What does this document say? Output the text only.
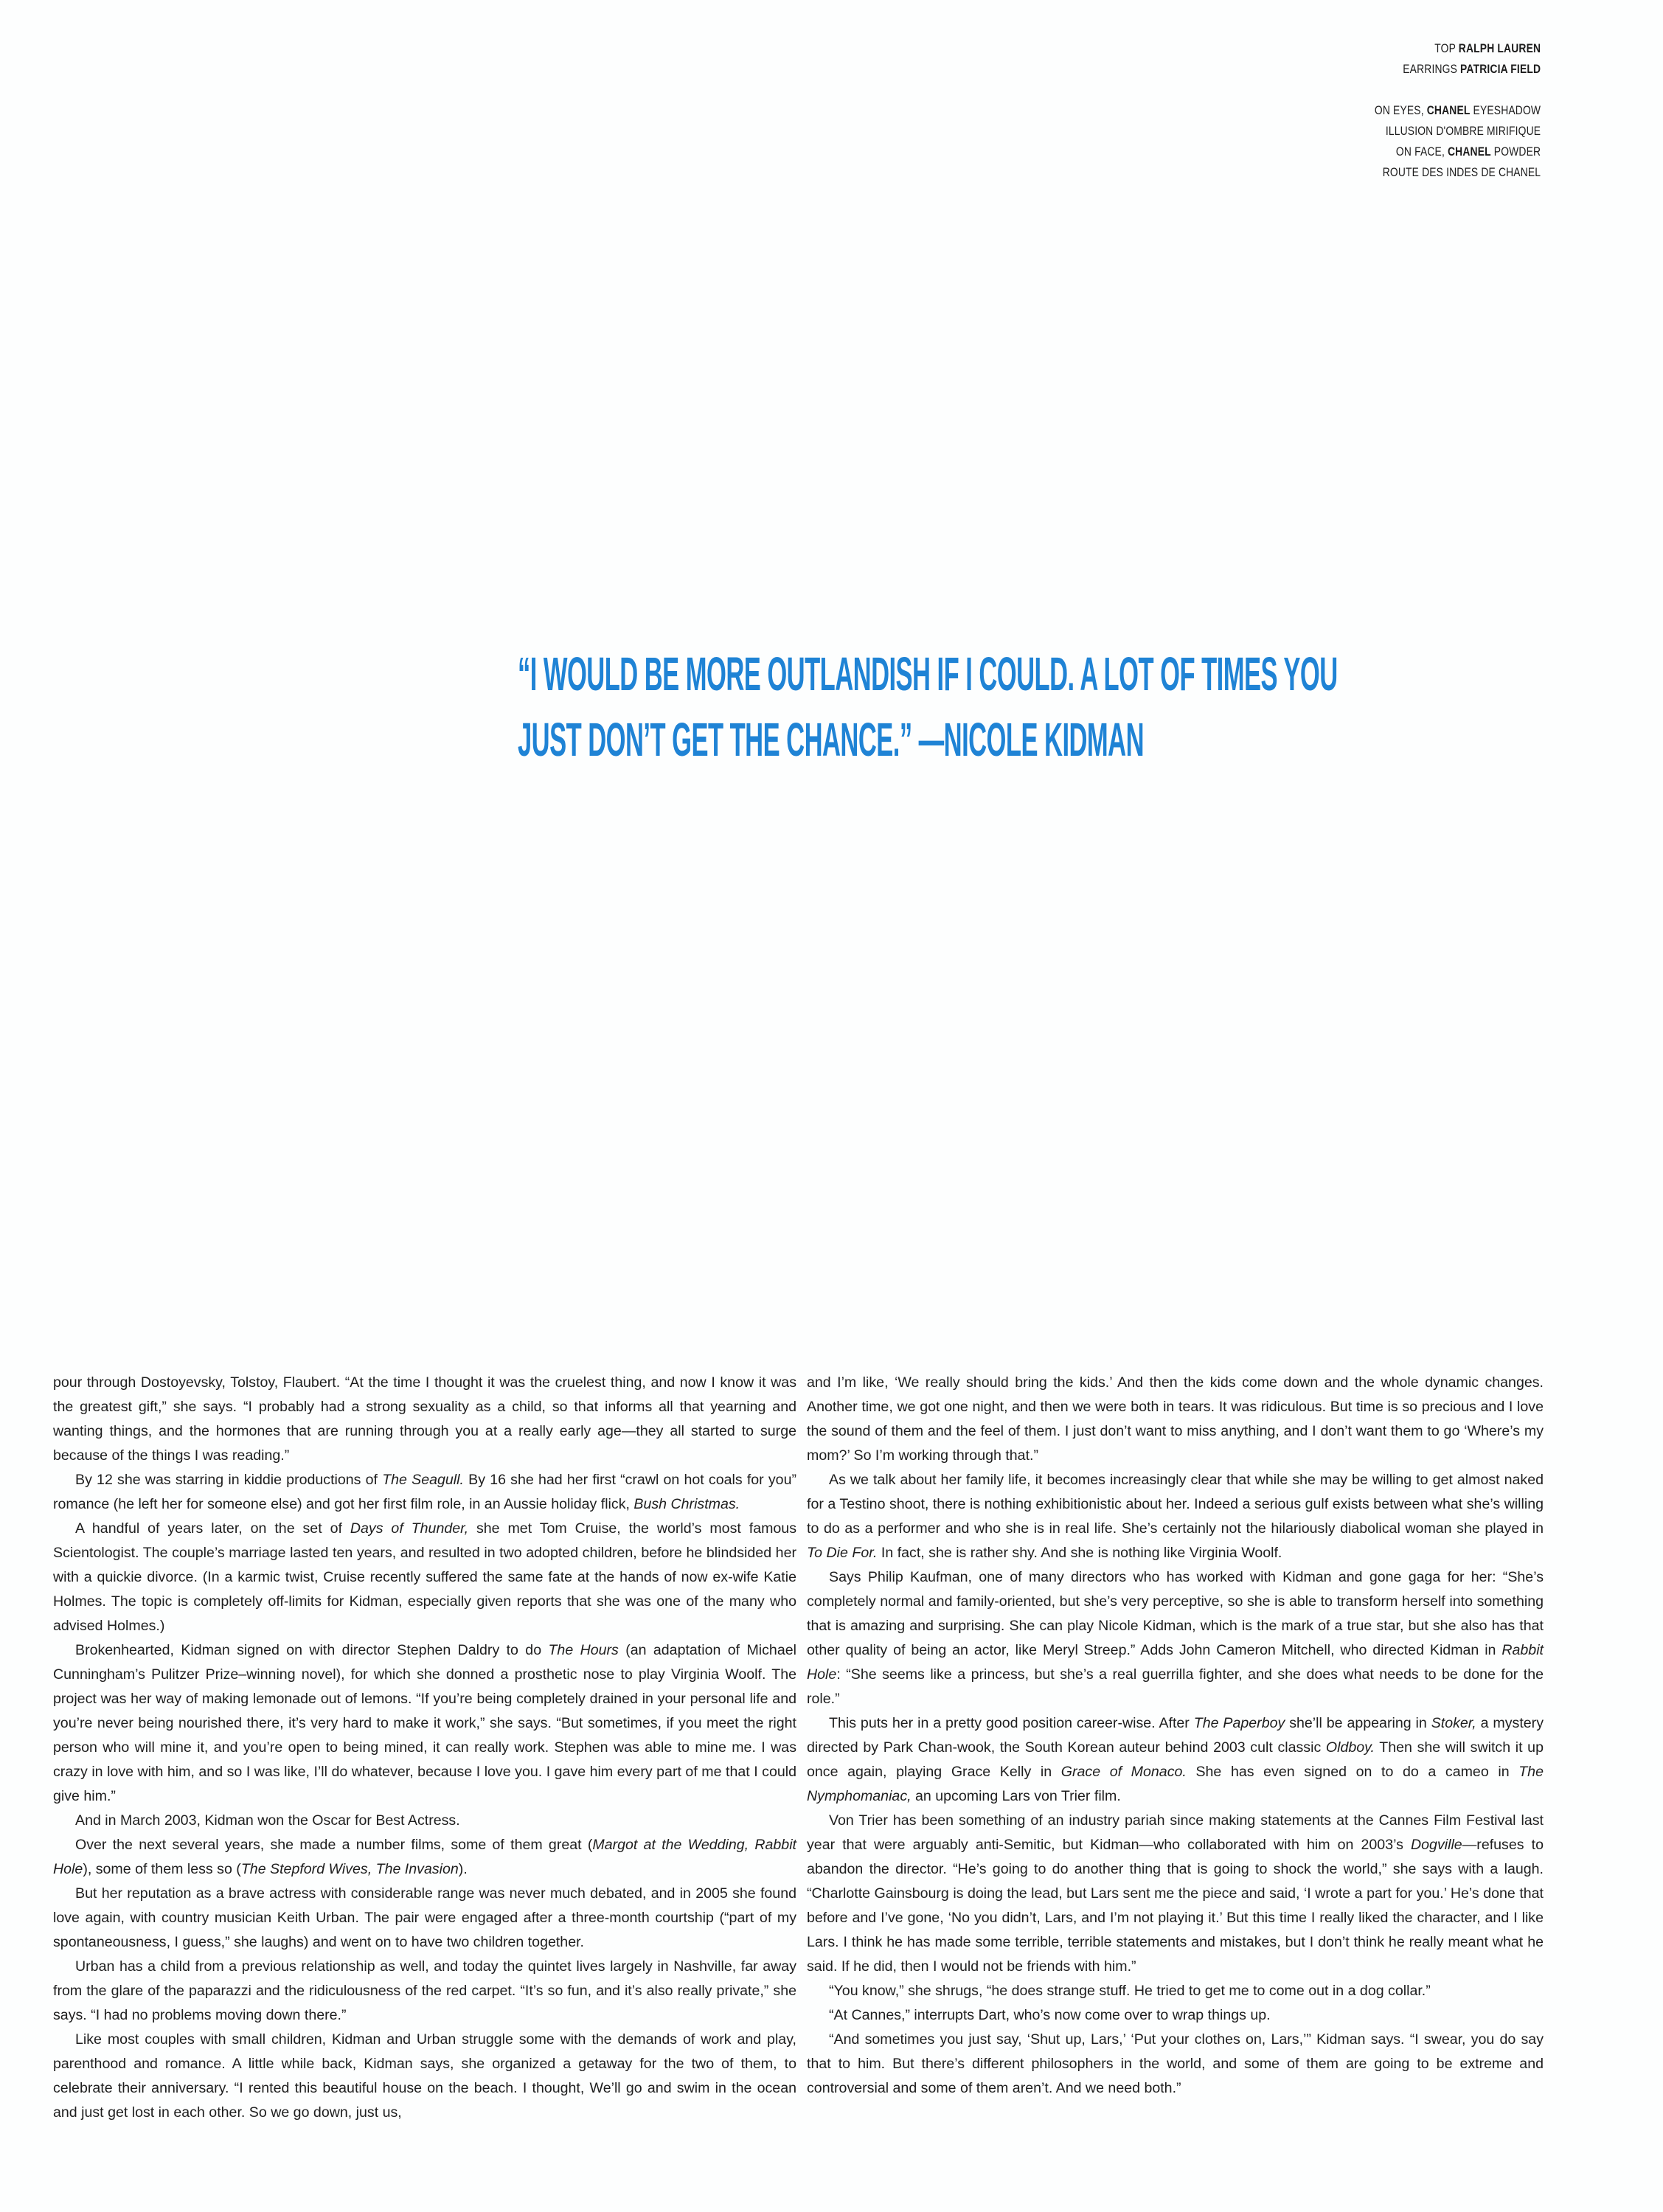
TOP RALPH LAUREN
EARRINGS PATRICIA FIELD
ON EYES, CHANEL EYESHADOW
ILLUSION D'OMBRE MIRIFIQUE
ON FACE, CHANEL POWDER
ROUTE DES INDES DE CHANEL
“I WOULD BE MORE OUTLANDISH IF I COULD. A LOT OF TIMES YOU
JUST DON’T GET THE CHANCE.” —NICOLE KIDMAN

pour through Dostoyevsky, Tolstoy, Flaubert. “At the time I thought it was the cruelest thing, and now I know it was the greatest gift,” she says. “I probably had a strong sexuality as a child, so that informs all that yearning and wanting things, and the hormones that are running through you at a really early age—they all started to surge because of the things I was reading.”

By 12 she was starring in kiddie productions of The Seagull. By 16 she had her first “crawl on hot coals for you” romance (he left her for someone else) and got her first film role, in an Aussie holiday flick, Bush Christmas.

A handful of years later, on the set of Days of Thunder, she met Tom Cruise, the world’s most famous Scientologist. The couple’s marriage lasted ten years, and resulted in two adopted children, before he blindsided her with a quickie divorce. (In a karmic twist, Cruise recently suffered the same fate at the hands of now ex-wife Katie Holmes. The topic is completely off-limits for Kidman, especially given reports that she was one of the many who advised Holmes.)

Brokenhearted, Kidman signed on with director Stephen Daldry to do The Hours (an adaptation of Michael Cunningham’s Pulitzer Prize–winning novel), for which she donned a prosthetic nose to play Virginia Woolf. The project was her way of making lemonade out of lemons. “If you’re being completely drained in your personal life and you’re never being nourished there, it’s very hard to make it work,” she says. “But sometimes, if you meet the right person who will mine it, and you’re open to being mined, it can really work. Stephen was able to mine me. I was crazy in love with him, and so I was like, I’ll do whatever, because I love you. I gave him every part of me that I could give him.”

And in March 2003, Kidman won the Oscar for Best Actress.

Over the next several years, she made a number films, some of them great (Margot at the Wedding, Rabbit Hole), some of them less so (The Stepford Wives, The Invasion).

But her reputation as a brave actress with considerable range was never much debated, and in 2005 she found love again, with country musician Keith Urban. The pair were engaged after a three-month courtship (“part of my spontaneousness, I guess,” she laughs) and went on to have two children together.

Urban has a child from a previous relationship as well, and today the quintet lives largely in Nashville, far away from the glare of the paparazzi and the ridiculousness of the red carpet. “It’s so fun, and it’s also really private,” she says. “I had no problems moving down there.”

Like most couples with small children, Kidman and Urban struggle some with the demands of work and play, parenthood and romance. A little while back, Kidman says, she organized a getaway for the two of them, to celebrate their anniversary. “I rented this beautiful house on the beach. I thought, We’ll go and swim in the ocean and just get lost in each other. So we go down, just us,

and I’m like, ‘We really should bring the kids.’ And then the kids come down and the whole dynamic changes. Another time, we got one night, and then we were both in tears. It was ridiculous. But time is so precious and I love the sound of them and the feel of them. I just don’t want to miss anything, and I don’t want them to go ‘Where’s my mom?’ So I’m working through that.”

As we talk about her family life, it becomes increasingly clear that while she may be willing to get almost naked for a Testino shoot, there is nothing exhibitionistic about her. Indeed a serious gulf exists between what she’s willing to do as a performer and who she is in real life. She’s certainly not the hilariously diabolical woman she played in To Die For. In fact, she is rather shy. And she is nothing like Virginia Woolf.

Says Philip Kaufman, one of many directors who has worked with Kidman and gone gaga for her: “She’s completely normal and family-oriented, but she’s very perceptive, so she is able to transform herself into something that is amazing and surprising. She can play Nicole Kidman, which is the mark of a true star, but she also has that other quality of being an actor, like Meryl Streep.” Adds John Cameron Mitchell, who directed Kidman in Rabbit Hole: “She seems like a princess, but she’s a real guerrilla fighter, and she does what needs to be done for the role.”

This puts her in a pretty good position career-wise. After The Paperboy she’ll be appearing in Stoker, a mystery directed by Park Chan-wook, the South Korean auteur behind 2003 cult classic Oldboy. Then she will switch it up once again, playing Grace Kelly in Grace of Monaco. She has even signed on to do a cameo in The Nymphomaniac, an upcoming Lars von Trier film.

Von Trier has been something of an industry pariah since making statements at the Cannes Film Festival last year that were arguably anti-Semitic, but Kidman—who collaborated with him on 2003’s Dogville—refuses to abandon the director. “He’s going to do another thing that is going to shock the world,” she says with a laugh. “Charlotte Gainsbourg is doing the lead, but Lars sent me the piece and said, ‘I wrote a part for you.’ He’s done that before and I’ve gone, ‘No you didn’t, Lars, and I’m not playing it.’ But this time I really liked the character, and I like Lars. I think he has made some terrible, terrible statements and mistakes, but I don’t think he really meant what he said. If he did, then I would not be friends with him.”

“You know,” she shrugs, “he does strange stuff. He tried to get me to come out in a dog collar.”

“At Cannes,” interrupts Dart, who’s now come over to wrap things up.

“And sometimes you just say, ‘Shut up, Lars,’ ‘Put your clothes on, Lars,’” Kidman says. “I swear, you do say that to him. But there’s different philosophers in the world, and some of them are going to be extreme and controversial and some of them aren’t. And we need both.”
